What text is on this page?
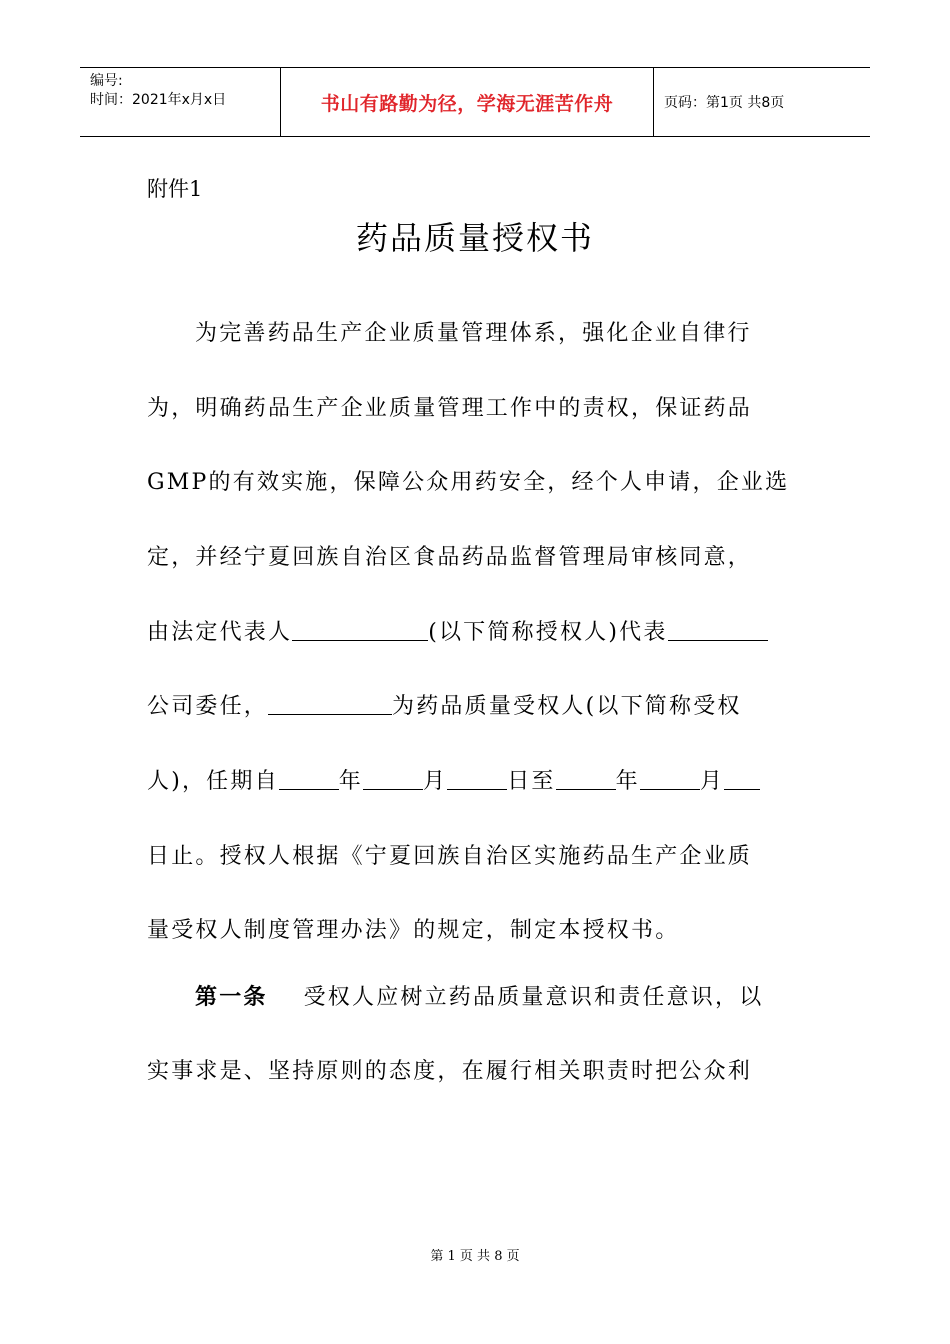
编号:
时间：2021年x月x日	书山有路勤为径，学海无涯苦作舟	页码：第1页 共8页
附件1
药品质量授权书
为完善药品生产企业质量管理体系，强化企业自律行
为，明确药品生产企业质量管理工作中的责权，保证药品
GMP的有效实施，保障公众用药安全，经个人申请，企业选
定，并经宁夏回族自治区食品药品监督管理局审核同意，
由法定代表人	(以下简称授权人)代表
公司委任，	为药品质量受权人(以下简称受权
人)，任期自	年	月	日至	年	月
日止。授权人根据《宁夏回族自治区实施药品生产企业质
量受权人制度管理办法》的规定，制定本授权书。
第一条 受权人应树立药品质量意识和责任意识，以
实事求是、坚持原则的态度，在履行相关职责时把公众利
第 1 页 共 8 页
